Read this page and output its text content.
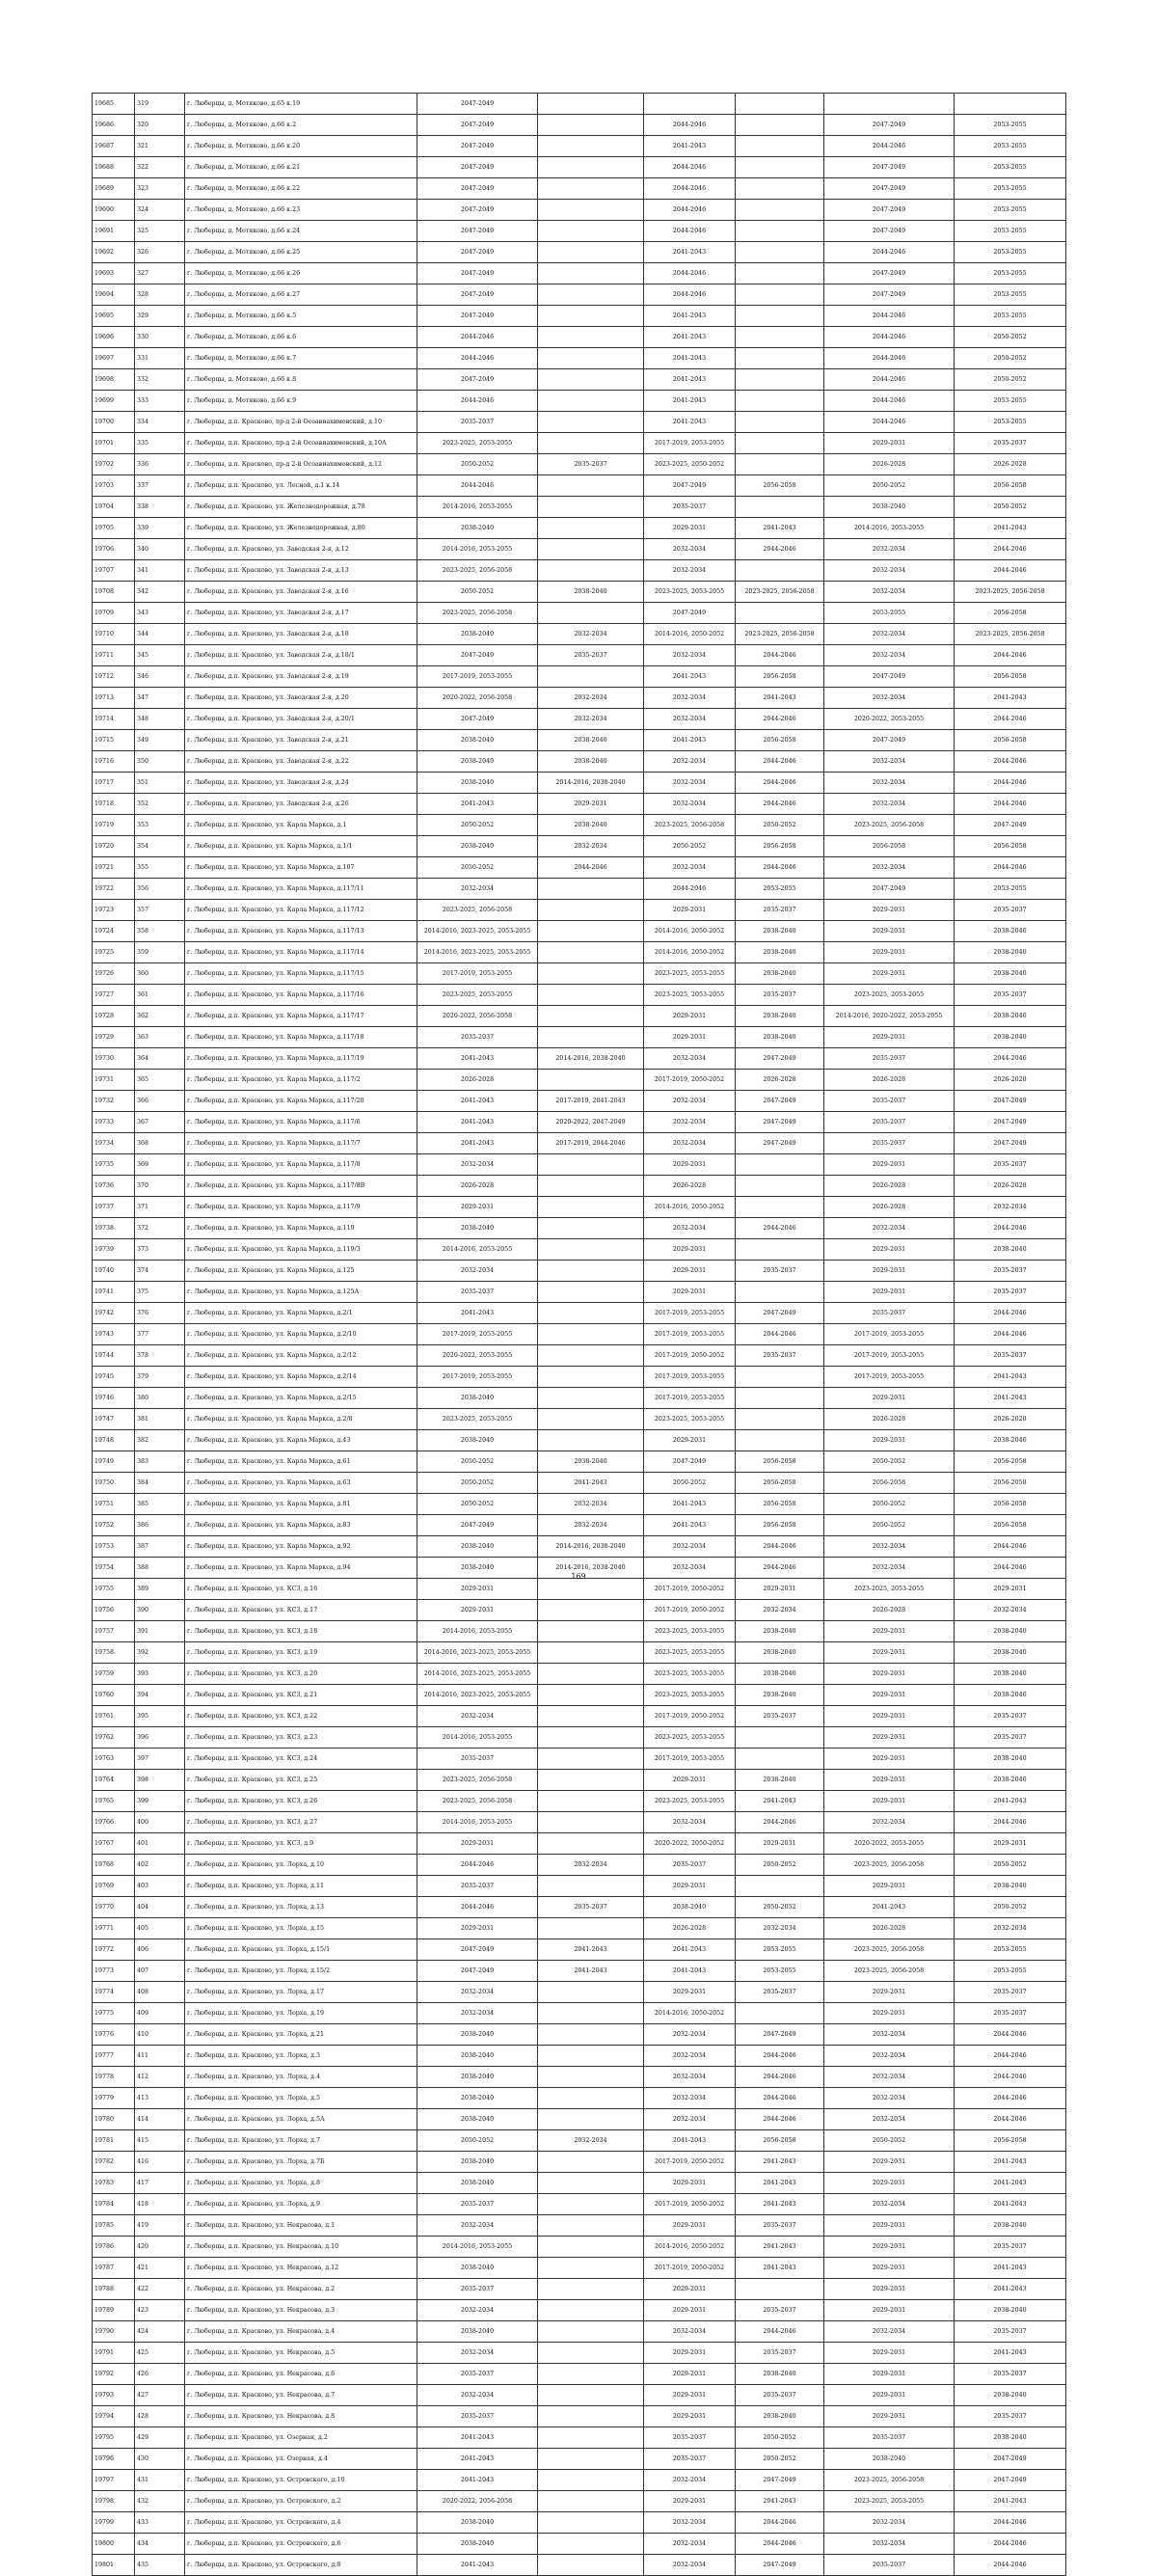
19685	319	г. Люберцы, д. Мотяково, д.65 к.19	2047-2049					
19686	320	г. Люберцы, д. Мотяково, д.66 к.2	2047-2049		2044-2046		2047-2049	2053-2055
19687	321	г. Люберцы, д. Мотяково, д.66 к.20	2047-2049		2041-2043		2044-2046	2053-2055
19688	322	г. Люберцы, д. Мотяково, д.66 к.21	2047-2049		2044-2046		2047-2049	2053-2055
19689	323	г. Люберцы, д. Мотяково, д.66 к.22	2047-2049		2044-2046		2047-2049	2053-2055
19690	324	г. Люберцы, д. Мотяково, д.66 к.23	2047-2049		2044-2046		2047-2049	2053-2055
19691	325	г. Люберцы, д. Мотяково, д.66 к.24	2047-2049		2044-2046		2047-2049	2053-2055
19692	326	г. Люберцы, д. Мотяково, д.66 к.25	2047-2049		2041-2043		2044-2046	2053-2055
19693	327	г. Люберцы, д. Мотяково, д.66 к.26	2047-2049		2044-2046		2047-2049	2053-2055
19694	328	г. Люберцы, д. Мотяково, д.66 к.27	2047-2049		2044-2046		2047-2049	2053-2055
19695	329	г. Люберцы, д. Мотяково, д.66 к.5	2047-2049		2041-2043		2044-2046	2053-2055
19696	330	г. Люберцы, д. Мотяково, д.66 к.6	2044-2046		2041-2043		2044-2046	2050-2052
19697	331	г. Люберцы, д. Мотяково, д.66 к.7	2044-2046		2041-2043		2044-2046	2050-2052
19698	332	г. Люберцы, д. Мотяково, д.66 к.8	2047-2049		2041-2043		2044-2046	2050-2052
19699	333	г. Люберцы, д. Мотяково, д.66 к.9	2044-2046		2041-2043		2044-2046	2053-2055
19700	334	г. Люберцы, д.п. Красково, пр-д 2-й Осоавиахимовский, д.10	2035-2037		2041-2043		2044-2046	2053-2055
19701	335	г. Люберцы, д.п. Красково, пр-д 2-й Осоавиахимовский, д.10А	2023-2025, 2053-2055		2017-2019, 2053-2055		2029-2031	2035-2037
19702	336	г. Люберцы, д.п. Красково, пр-д 2-й Осоавиахимовский, д.12	2050-2052	2035-2037	2023-2025, 2050-2052		2026-2028	2026-2028
19703	337	г. Люберцы, д.п. Красково, ул. Лесной, д.1 к.14	2044-2046		2047-2049	2056-2058	2050-2052	2056-2058
19704	338	г. Люберцы, д.п. Красково, ул. Железнодорожная, д.78	2014-2016, 2053-2055		2035-2037		2038-2040	2050-2052
19705	339	г. Люберцы, д.п. Красково, ул. Железнодорожная, д.80	2038-2040		2029-2031	2041-2043	2014-2016, 2053-2055	2041-2043
19706	340	г. Люберцы, д.п. Красково, ул. Заводская 2-я, д.12	2014-2016, 2053-2055		2032-2034	2044-2046	2032-2034	2044-2046
19707	341	г. Люберцы, д.п. Красково, ул. Заводская 2-я, д.13	2023-2025, 2056-2058		2032-2034		2032-2034	2044-2046
19708	342	г. Люберцы, д.п. Красково, ул. Заводская 2-я, д.16	2050-2052	2038-2040	2023-2025, 2053-2055	2023-2025, 2056-2058	2032-2034	2023-2025, 2056-2058
19709	343	г. Люберцы, д.п. Красково, ул. Заводская 2-я, д.17	2023-2025, 2056-2058		2047-2049		2053-2055	2056-2058
19710	344	г. Люберцы, д.п. Красково, ул. Заводская 2-я, д.18	2038-2040	2032-2034	2014-2016, 2050-2052	2023-2025, 2056-2058	2032-2034	2023-2025, 2056-2058
19711	345	г. Люберцы, д.п. Красково, ул. Заводская 2-я, д.18/1	2047-2049	2035-2037	2032-2034	2044-2046	2032-2034	2044-2046
19712	346	г. Люберцы, д.п. Красково, ул. Заводская 2-я, д.19	2017-2019, 2053-2055		2041-2043	2056-2058	2047-2049	2056-2058
19713	347	г. Люберцы, д.п. Красково, ул. Заводская 2-я, д.20	2020-2022, 2056-2058	2032-2034	2032-2034	2041-2043	2032-2034	2041-2043
19714	348	г. Люберцы, д.п. Красково, ул. Заводская 2-я, д.20/1	2047-2049	2032-2034	2032-2034	2044-2046	2020-2022, 2053-2055	2044-2046
19715	349	г. Люберцы, д.п. Красково, ул. Заводская 2-я, д.21	2038-2040	2038-2040	2041-2043	2056-2058	2047-2049	2056-2058
19716	350	г. Люберцы, д.п. Красково, ул. Заводская 2-я, д.22	2038-2040	2038-2040	2032-2034	2044-2046	2032-2034	2044-2046
19717	351	г. Люберцы, д.п. Красково, ул. Заводская 2-я, д.24	2038-2040	2014-2016, 2038-2040	2032-2034	2044-2046	2032-2034	2044-2046
19718	352	г. Люберцы, д.п. Красково, ул. Заводская 2-я, д.26	2041-2043	2029-2031	2032-2034	2044-2046	2032-2034	2044-2046
19719	353	г. Люберцы, д.п. Красково, ул. Карла Маркса, д.1	2050-2052	2038-2040	2023-2025, 2056-2058	2050-2052	2023-2025, 2056-2058	2047-2049
19720	354	г. Люберцы, д.п. Красково, ул. Карла Маркса, д.1/1	2038-2040	2032-2034	2050-2052	2056-2058	2056-2058	2056-2058
19721	355	г. Люберцы, д.п. Красково, ул. Карла Маркса, д.107	2050-2052	2044-2046	2032-2034	2044-2046	2032-2034	2044-2046
19722	356	г. Люберцы, д.п. Красково, ул. Карла Маркса, д.117/11	2032-2034		2044-2046	2053-2055	2047-2049	2053-2055
19723	357	г. Люберцы, д.п. Красково, ул. Карла Маркса, д.117/12	2023-2025, 2056-2058		2029-2031	2035-2037	2029-2031	2035-2037
19724	358	г. Люберцы, д.п. Красково, ул. Карла Маркса, д.117/13	2014-2016, 2023-2025, 2053-2055		2014-2016, 2050-2052	2038-2040	2029-2031	2038-2040
19725	359	г. Люберцы, д.п. Красково, ул. Карла Маркса, д.117/14	2014-2016, 2023-2025, 2053-2055		2014-2016, 2050-2052	2038-2040	2029-2031	2038-2040
19726	360	г. Люберцы, д.п. Красково, ул. Карла Маркса, д.117/15	2017-2019, 2053-2055		2023-2025, 2053-2055	2038-2040	2029-2031	2038-2040
19727	361	г. Люберцы, д.п. Красково, ул. Карла Маркса, д.117/16	2023-2025, 2053-2055		2023-2025, 2053-2055	2035-2037	2023-2025, 2053-2055	2035-2037
19728	362	г. Люберцы, д.п. Красково, ул. Карла Маркса, д.117/17	2020-2022, 2056-2058		2029-2031	2038-2040	2014-2016, 2020-2022, 2053-2055	2038-2040
19729	363	г. Люберцы, д.п. Красково, ул. Карла Маркса, д.117/18	2035-2037		2029-2031	2038-2040	2029-2031	2038-2040
19730	364	г. Люберцы, д.п. Красково, ул. Карла Маркса, д.117/19	2041-2043	2014-2016, 2038-2040	2032-2034	2047-2049	2035-2037	2044-2046
19731	365	г. Люберцы, д.п. Красково, ул. Карла Маркса, д.117/2	2026-2028		2017-2019, 2050-2052	2026-2028	2026-2028	2026-2028
19732	366	г. Люберцы, д.п. Красково, ул. Карла Маркса, д.117/20	2041-2043	2017-2019, 2041-2043	2032-2034	2047-2049	2035-2037	2047-2049
19733	367	г. Люберцы, д.п. Красково, ул. Карла Маркса, д.117/6	2041-2043	2020-2022, 2047-2049	2032-2034	2047-2049	2035-2037	2047-2049
19734	368	г. Люберцы, д.п. Красково, ул. Карла Маркса, д.117/7	2041-2043	2017-2019, 2044-2046	2032-2034	2047-2049	2035-2037	2047-2049
19735	369	г. Люберцы, д.п. Красково, ул. Карла Маркса, д.117/8	2032-2034		2029-2031		2029-2031	2035-2037
19736	370	г. Люберцы, д.п. Красково, ул. Карла Маркса, д.117/8В	2026-2028		2026-2028		2026-2028	2026-2028
19737	371	г. Люберцы, д.п. Красково, ул. Карла Маркса, д.117/9	2029-2031		2014-2016, 2050-2052		2026-2028	2032-2034
19738	372	г. Люберцы, д.п. Красково, ул. Карла Маркса, д.119	2038-2040		2032-2034	2044-2046	2032-2034	2044-2046
19739	373	г. Люберцы, д.п. Красково, ул. Карла Маркса, д.119/3	2014-2016, 2053-2055		2029-2031		2029-2031	2038-2040
19740	374	г. Люберцы, д.п. Красково, ул. Карла Маркса, д.125	2032-2034		2029-2031	2035-2037	2029-2031	2035-2037
19741	375	г. Люберцы, д.п. Красково, ул. Карла Маркса, д.125А	2035-2037		2029-2031		2029-2031	2035-2037
19742	376	г. Люберцы, д.п. Красково, ул. Карла Маркса, д.2/1	2041-2043		2017-2019, 2053-2055	2047-2049	2035-2037	2044-2046
19743	377	г. Люберцы, д.п. Красково, ул. Карла Маркса, д.2/10	2017-2019, 2053-2055		2017-2019, 2053-2055	2044-2046	2017-2019, 2053-2055	2044-2046
19744	378	г. Люберцы, д.п. Красково, ул. Карла Маркса, д.2/12	2020-2022, 2053-2055		2017-2019, 2050-2052	2035-2037	2017-2019, 2053-2055	2035-2037
19745	379	г. Люберцы, д.п. Красково, ул. Карла Маркса, д.2/14	2017-2019, 2053-2055		2017-2019, 2053-2055		2017-2019, 2053-2055	2041-2043
19746	380	г. Люберцы, д.п. Красково, ул. Карла Маркса, д.2/15	2038-2040		2017-2019, 2053-2055		2029-2031	2041-2043
19747	381	г. Люберцы, д.п. Красково, ул. Карла Маркса, д.2/8	2023-2025, 2053-2055		2023-2025, 2053-2055		2026-2028	2026-2028
19748	382	г. Люберцы, д.п. Красково, ул. Карла Маркса, д.43	2038-2040		2029-2031		2029-2031	2038-2040
19749	383	г. Люберцы, д.п. Красково, ул. Карла Маркса, д.61	2050-2052	2038-2040	2047-2049	2056-2058	2050-2052	2056-2058
19750	384	г. Люберцы, д.п. Красково, ул. Карла Маркса, д.63	2050-2052	2041-2043	2050-2052	2056-2058	2056-2058	2056-2058
19751	385	г. Люберцы, д.п. Красково, ул. Карла Маркса, д.81	2050-2052	2032-2034	2041-2043	2056-2058	2050-2052	2056-2058
19752	386	г. Люберцы, д.п. Красково, ул. Карла Маркса, д.83	2047-2049	2032-2034	2041-2043	2056-2058	2050-2052	2056-2058
19753	387	г. Люберцы, д.п. Красково, ул. Карла Маркса, д.92	2038-2040	2014-2016, 2038-2040	2032-2034	2044-2046	2032-2034	2044-2046
19754	388	г. Люберцы, д.п. Красково, ул. Карла Маркса, д.94	2038-2040	2014-2016, 2038-2040	2032-2034	2044-2046	2032-2034	2044-2046
19755	389	г. Люберцы, д.п. Красково, ул. КСЗ, д.16	2029-2031		2017-2019, 2050-2052	2029-2031	2023-2025, 2053-2055	2029-2031
19756	390	г. Люберцы, д.п. Красково, ул. КСЗ, д.17	2029-2031		2017-2019, 2050-2052	2032-2034	2026-2028	2032-2034
19757	391	г. Люберцы, д.п. Красково, ул. КСЗ, д.18	2014-2016, 2053-2055		2023-2025, 2053-2055	2038-2040	2029-2031	2038-2040
19758	392	г. Люберцы, д.п. Красково, ул. КСЗ, д.19	2014-2016, 2023-2025, 2053-2055		2023-2025, 2053-2055	2038-2040	2029-2031	2038-2040
19759	393	г. Люберцы, д.п. Красково, ул. КСЗ, д.20	2014-2016, 2023-2025, 2053-2055		2023-2025, 2053-2055	2038-2040	2029-2031	2038-2040
19760	394	г. Люберцы, д.п. Красково, ул. КСЗ, д.21	2014-2016, 2023-2025, 2053-2055		2023-2025, 2053-2055	2038-2040	2029-2031	2038-2040
19761	395	г. Люберцы, д.п. Красково, ул. КСЗ, д.22	2032-2034		2017-2019, 2050-2052	2035-2037	2029-2031	2035-2037
19762	396	г. Люберцы, д.п. Красково, ул. КСЗ, д.23	2014-2016, 2053-2055		2023-2025, 2053-2055		2029-2031	2035-2037
19763	397	г. Люберцы, д.п. Красково, ул. КСЗ, д.24	2035-2037		2017-2019, 2053-2055		2029-2031	2038-2040
19764	398	г. Люберцы, д.п. Красково, ул. КСЗ, д.25	2023-2025, 2056-2058		2029-2031	2038-2040	2029-2031	2038-2040
19765	399	г. Люберцы, д.п. Красково, ул. КСЗ, д.26	2023-2025, 2056-2058		2023-2025, 2053-2055	2041-2043	2029-2031	2041-2043
19766	400	г. Люберцы, д.п. Красково, ул. КСЗ, д.27	2014-2016, 2053-2055		2032-2034	2044-2046	2032-2034	2044-2046
19767	401	г. Люберцы, д.п. Красково, ул. КСЗ, д.9	2029-2031		2020-2022, 2050-2052	2029-2031	2020-2022, 2053-2055	2029-2031
19768	402	г. Люберцы, д.п. Красково, ул. Лорха, д.10	2044-2046	2032-2034	2035-2037	2050-2052	2023-2025, 2056-2058	2050-2052
19769	403	г. Люберцы, д.п. Красково, ул. Лорха, д.11	2035-2037		2029-2031		2029-2031	2038-2040
19770	404	г. Люберцы, д.п. Красково, ул. Лорха, д.13	2044-2046	2035-2037	2038-2040	2050-2052	2041-2043	2050-2052
19771	405	г. Люберцы, д.п. Красково, ул. Лорха, д.15	2029-2031		2026-2028	2032-2034	2026-2028	2032-2034
19772	406	г. Люберцы, д.п. Красково, ул. Лорха, д.15/1	2047-2049	2041-2043	2041-2043	2053-2055	2023-2025, 2056-2058	2053-2055
19773	407	г. Люберцы, д.п. Красково, ул. Лорха, д.15/2	2047-2049	2041-2043	2041-2043	2053-2055	2023-2025, 2056-2058	2053-2055
19774	408	г. Люберцы, д.п. Красково, ул. Лорха, д.17	2032-2034		2029-2031	2035-2037	2029-2031	2035-2037
19775	409	г. Люберцы, д.п. Красково, ул. Лорха, д.19	2032-2034		2014-2016, 2050-2052		2029-2031	2035-2037
19776	410	г. Люберцы, д.п. Красково, ул. Лорха, д.21	2038-2040		2032-2034	2047-2049	2032-2034	2044-2046
19777	411	г. Люберцы, д.п. Красково, ул. Лорха, д.3	2038-2040		2032-2034	2044-2046	2032-2034	2044-2046
19778	412	г. Люберцы, д.п. Красково, ул. Лорха, д.4	2038-2040		2032-2034	2044-2046	2032-2034	2044-2046
19779	413	г. Люберцы, д.п. Красково, ул. Лорха, д.5	2038-2040		2032-2034	2044-2046	2032-2034	2044-2046
19780	414	г. Люберцы, д.п. Красково, ул. Лорха, д.5А	2038-2040		2032-2034	2044-2046	2032-2034	2044-2046
19781	415	г. Люберцы, д.п. Красково, ул. Лорха, д.7	2050-2052	2032-2034	2041-2043	2056-2058	2050-2052	2056-2058
19782	416	г. Люберцы, д.п. Красково, ул. Лорха, д.7Б	2038-2040		2017-2019, 2050-2052	2041-2043	2029-2031	2041-2043
19783	417	г. Люберцы, д.п. Красково, ул. Лорха, д.8	2038-2040		2029-2031	2041-2043	2029-2031	2041-2043
19784	418	г. Люберцы, д.п. Красково, ул. Лорха, д.9	2035-2037		2017-2019, 2050-2052	2041-2043	2032-2034	2041-2043
19785	419	г. Люберцы, д.п. Красково, ул. Некрасова, д.1	2032-2034		2029-2031	2035-2037	2029-2031	2038-2040
19786	420	г. Люберцы, д.п. Красково, ул. Некрасова, д.10	2014-2016, 2053-2055		2014-2016, 2050-2052	2041-2043	2029-2031	2035-2037
19787	421	г. Люберцы, д.п. Красково, ул. Некрасова, д.12	2038-2040		2017-2019, 2050-2052	2041-2043	2029-2031	2041-2043
19788	422	г. Люберцы, д.п. Красково, ул. Некрасова, д.2	2035-2037		2029-2031		2029-2031	2041-2043
19789	423	г. Люберцы, д.п. Красково, ул. Некрасова, д.3	2032-2034		2029-2031	2035-2037	2029-2031	2038-2040
19790	424	г. Люберцы, д.п. Красково, ул. Некрасова, д.4	2038-2040		2032-2034	2044-2046	2032-2034	2035-2037
19791	425	г. Люберцы, д.п. Красково, ул. Некрасова, д.5	2032-2034		2029-2031	2035-2037	2029-2031	2041-2043
19792	426	г. Люберцы, д.п. Красково, ул. Некрасова, д.6	2035-2037		2029-2031	2038-2040	2029-2031	2035-2037
19793	427	г. Люберцы, д.п. Красково, ул. Некрасова, д.7	2032-2034		2029-2031	2035-2037	2029-2031	2038-2040
19794	428	г. Люберцы, д.п. Красково, ул. Некрасова, д.8	2035-2037		2029-2031	2038-2040	2029-2031	2035-2037
19795	429	г. Люберцы, д.п. Красково, ул. Озерная, д.2	2041-2043		2035-2037	2050-2052	2035-2037	2038-2040
19796	430	г. Люберцы, д.п. Красково, ул. Озерная, д.4	2041-2043		2035-2037	2050-2052	2038-2040	2047-2049
19797	431	г. Люберцы, д.п. Красково, ул. Островского, д.10	2041-2043		2032-2034	2047-2049	2023-2025, 2056-2058	2047-2049
19798	432	г. Люберцы, д.п. Красково, ул. Островского, д.2	2020-2022, 2056-2058		2029-2031	2041-2043	2023-2025, 2053-2055	2041-2043
19799	433	г. Люберцы, д.п. Красково, ул. Островского, д.4	2038-2040		2032-2034	2044-2046	2032-2034	2044-2046
19800	434	г. Люберцы, д.п. Красково, ул. Островского, д.6	2038-2040		2032-2034	2044-2046	2032-2034	2044-2046
19801	435	г. Люберцы, д.п. Красково, ул. Островского, д.8	2041-2043		2032-2034	2047-2049	2035-2037	2044-2046
169
